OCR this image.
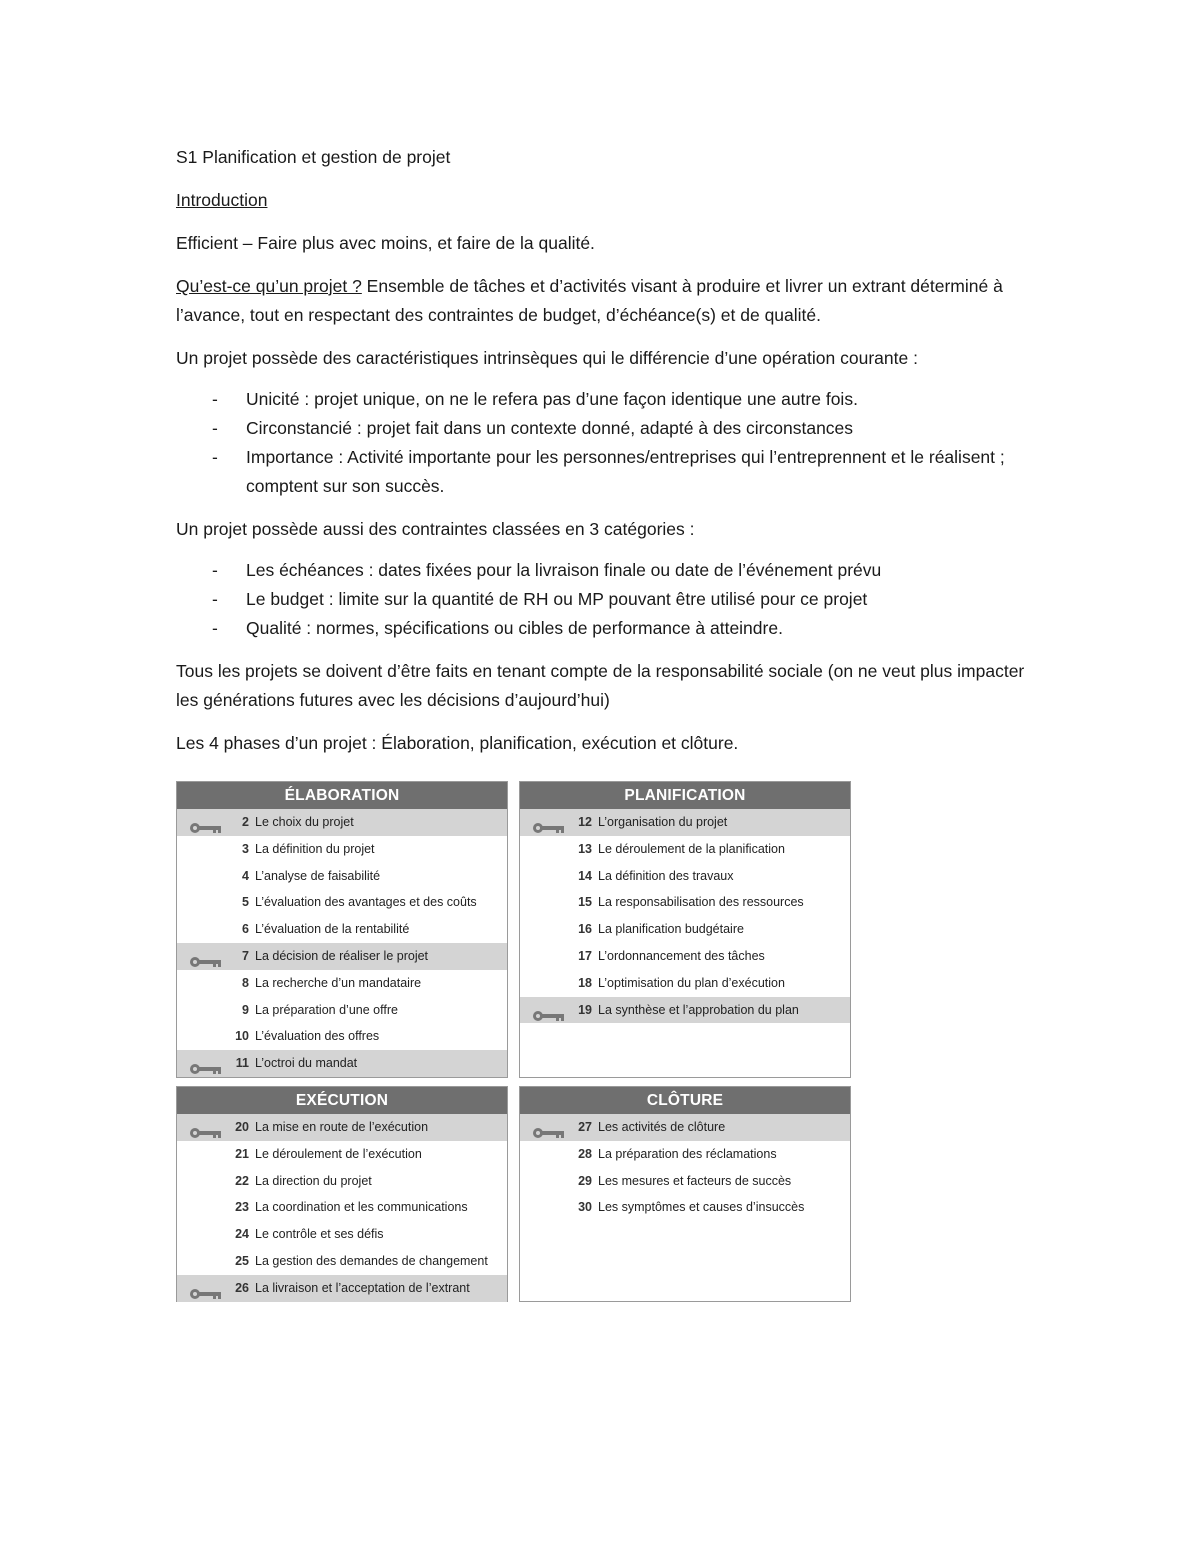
S1 Planification et gestion de projet

Introduction

Efficient – Faire plus avec moins, et faire de la qualité.

Qu’est-ce qu’un projet ? Ensemble de tâches et d’activités visant à produire et livrer un extrant déterminé à l’avance, tout en respectant des contraintes de budget, d’échéance(s) et de qualité.

Un projet possède des caractéristiques intrinsèques qui le différencie d’une opération courante :

- Unicité : projet unique, on ne le refera pas d’une façon identique une autre fois.
- Circonstancié : projet fait dans un contexte donné, adapté à des circonstances
- Importance : Activité importante pour les personnes/entreprises qui l’entreprennent et le réalisent ; comptent sur son succès.

Un projet possède aussi des contraintes classées en 3 catégories :

- Les échéances : dates fixées pour la livraison finale ou date de l’événement prévu
- Le budget : limite sur la quantité de RH ou MP pouvant être utilisé pour ce projet
- Qualité : normes, spécifications ou cibles de performance à atteindre.

Tous les projets se doivent d’être faits en tenant compte de la responsabilité sociale (on ne veut plus impacter les générations futures avec les décisions d’aujourd’hui)

Les 4 phases d’un projet : Élaboration, planification, exécution et clôture.

ÉLABORATION
2 Le choix du projet
3 La définition du projet
4 L’analyse de faisabilité
5 L’évaluation des avantages et des coûts
6 L’évaluation de la rentabilité
7 La décision de réaliser le projet
8 La recherche d’un mandataire
9 La préparation d’une offre
10 L’évaluation des offres
11 L’octroi du mandat
PLANIFICATION
12 L’organisation du projet
13 Le déroulement de la planification
14 La définition des travaux
15 La responsabilisation des ressources
16 La planification budgétaire
17 L’ordonnancement des tâches
18 L’optimisation du plan d’exécution
19 La synthèse et l’approbation du plan
EXÉCUTION
20 La mise en route de l’exécution
21 Le déroulement de l’exécution
22 La direction du projet
23 La coordination et les communications
24 Le contrôle et ses défis
25 La gestion des demandes de changement
26 La livraison et l’acceptation de l’extrant
CLÔTURE
27 Les activités de clôture
28 La préparation des réclamations
29 Les mesures et facteurs de succès
30 Les symptômes et causes d’insuccès
